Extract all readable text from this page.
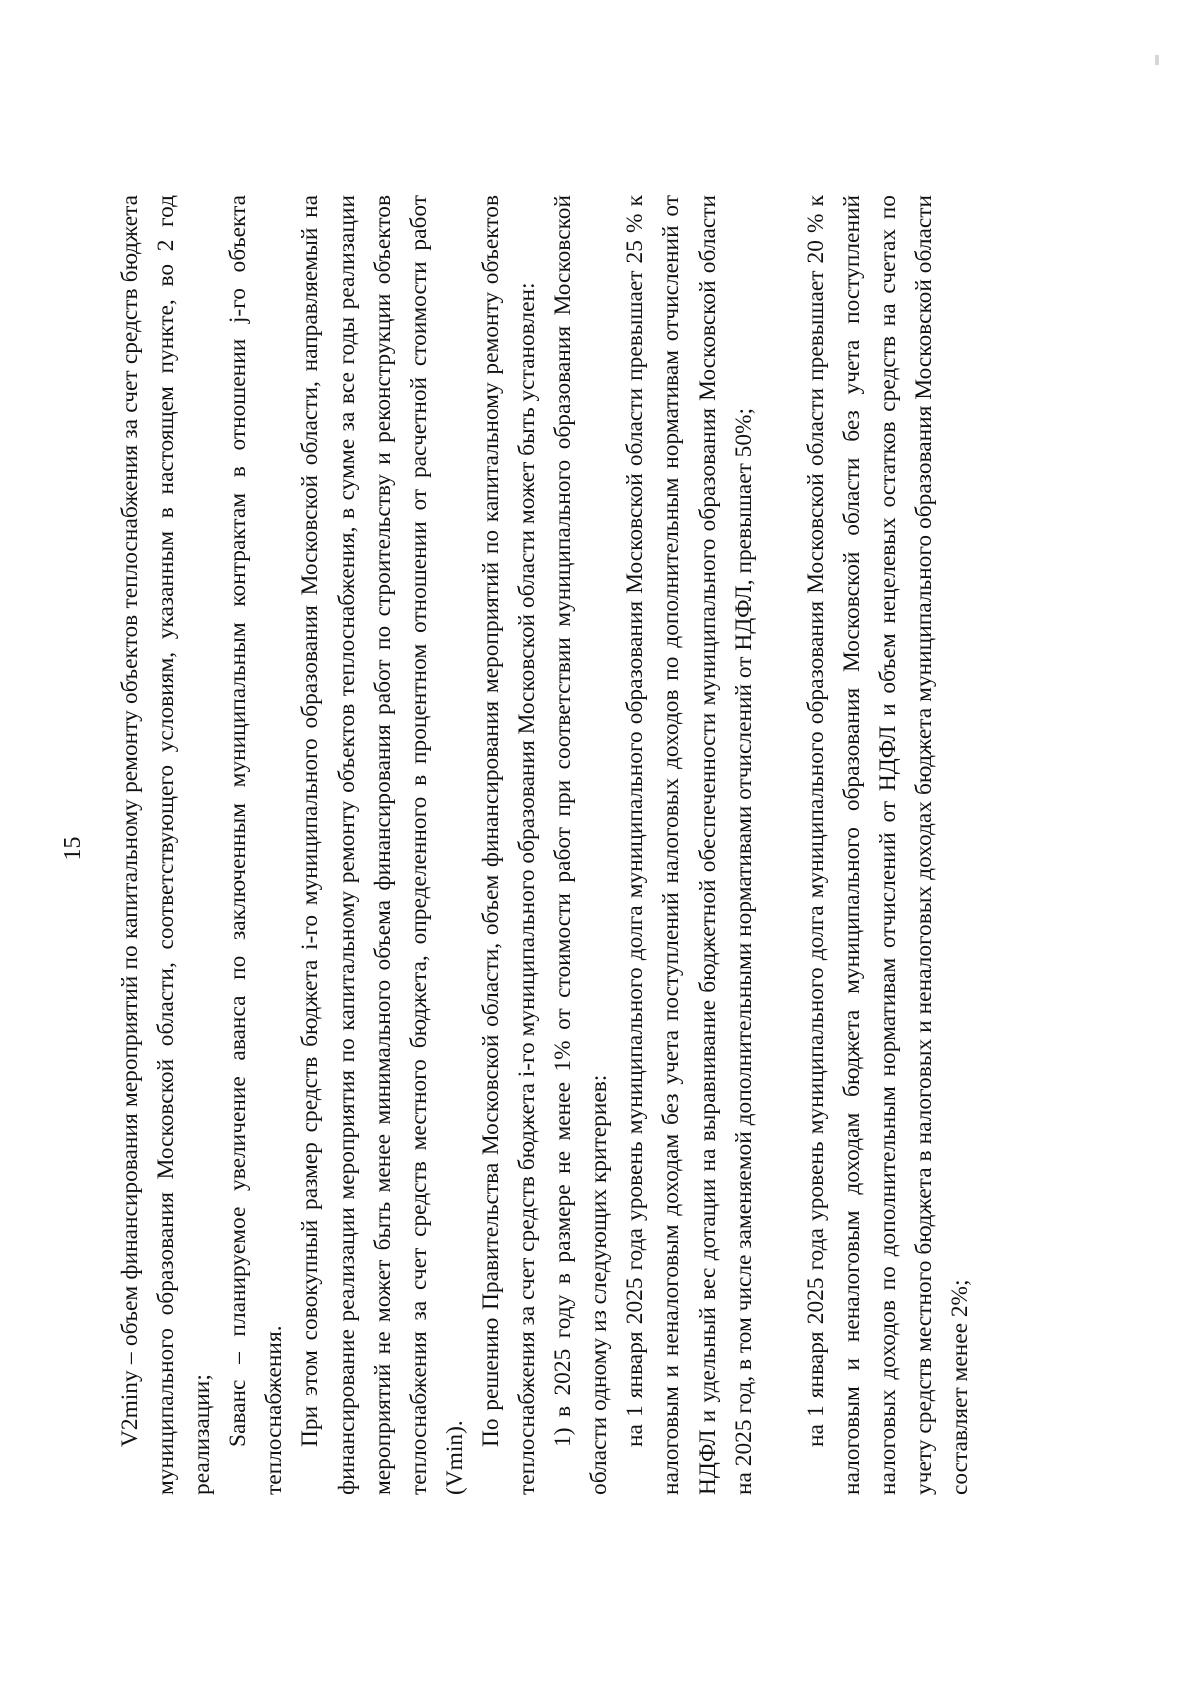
15 V2miny – объем финансирования мероприятий по капитальному ремонту объектов теплоснабжения за счет средств бюджета муниципального образования Московской области, соответствующего условиям, указанным в настоящем пункте, во 2 год реализации; Sаванс – планируемое увеличение аванса по заключенным муниципальным контрактам в отношении j-го объекта теплоснабжения. При этом совокупный размер средств бюджета i-го муниципального образования Московской области, направляемый на финансирование реализации мероприятия по капитальному ремонту объектов теплоснабжения, в сумме за все годы реализации мероприятий не может быть менее минимального объема финансирования работ по строительству и реконструкции объектов теплоснабжения за счет средств местного бюджета, определенного в процентном отношении от расчетной стоимости работ (Vmin).

По решению Правительства Московской области, объем финансирования мероприятий по капитальному ремонту объектов теплоснабжения за счет средств бюджета i-го муниципального образования Московской области может быть установлен: 1) в 2025 году в размере не менее 1% от стоимости работ при соответствии муниципального образования Московской области одному из следующих критериев: на 1 января 2025 года уровень муниципального долга муниципального образования Московской области превышает 25 % к налоговым и неналоговым доходам без учета поступлений налоговых доходов по дополнительным нормативам отчислений от НДФЛ и удельный вес дотации на выравнивание бюджетной обеспеченности муниципального образования Московской области на 2025 год, в том числе заменяемой дополнительными нормативами отчислений от НДФЛ, превышает 50%; на 1 января 2025 года уровень муниципального долга муниципального образования Московской области превышает 20 % к налоговым и неналоговым доходам бюджета муниципального образования Московской области без учета поступлений налоговых доходов по дополнительным нормативам отчислений от НДФЛ и объем нецелевых остатков средств на счетах по учету средств местного бюджета в налоговых и неналоговых доходах бюджета муниципального образования Московской области составляет менее 2%;
